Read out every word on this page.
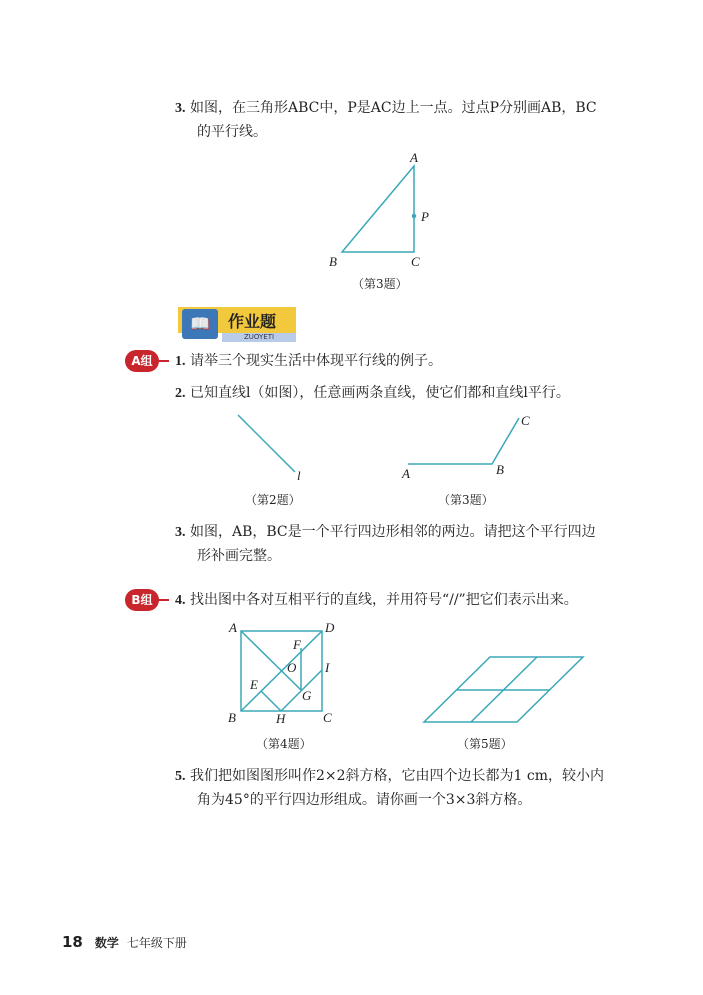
3. 如图，在三角形ABC中，P是AC边上一点。过点P分别画AB，BC
的平行线。
A
P
B	C
（第3题）
📖	作业题
ZUOYETI
A组	1. 请举三个现实生活中体现平行线的例子。
2. 已知直线l（如图），任意画两条直线，使它们都和直线l平行。
l	A	B
C
（第2题）	（第3题）
3. 如图，AB，BC是一个平行四边形相邻的两边。请把这个平行四边
形补画完整。
B组	4. 找出图中各对互相平行的直线，并用符号“//”把它们表示出来。
A	D
F
O I
E
G
B	H	C
（第4题）	（第5题）
5. 我们把如图图形叫作2×2斜方格，它由四个边长都为1 cm，较小内
角为45°的平行四边形组成。请你画一个3×3斜方格。
18 数学 七年级下册
